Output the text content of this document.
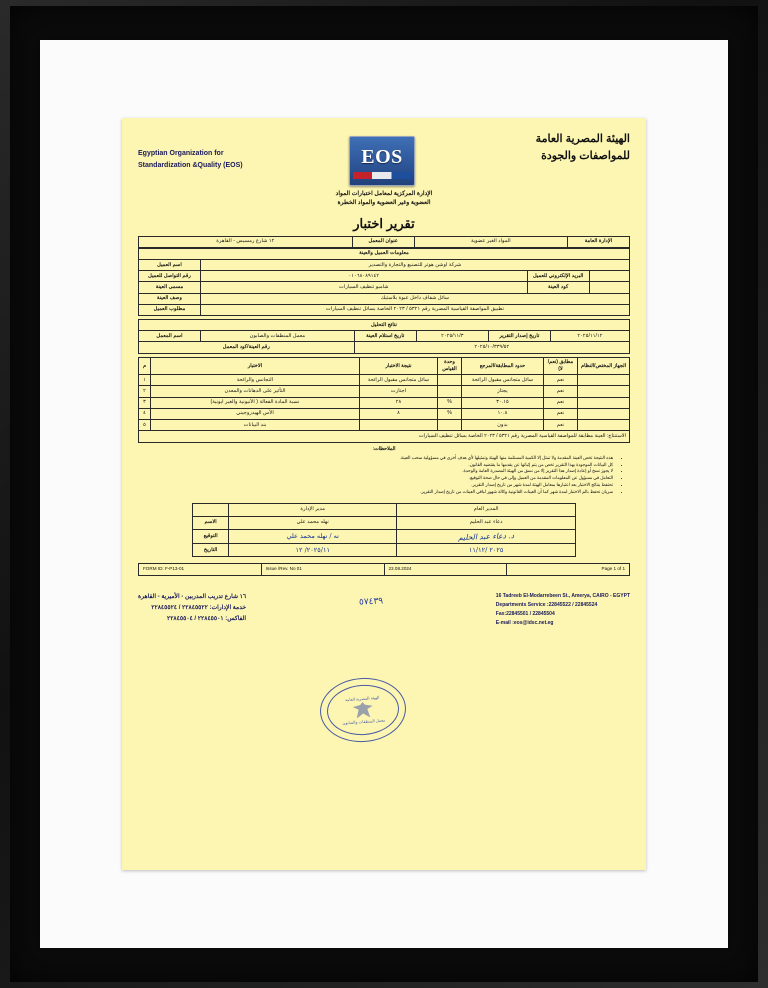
الهيئة المصرية العامة
للمواصفات والجودة
EOS
Egyptian Organization for
Standardization &Quality (EOS)
الإدارة المركزية لمعامل اختبارات المواد
العضوية وغير العضوية والمواد الخطرة
تقرير اختبار
الإدارة العامة	المواد الغير عضوية	عنوان المعمل	١٢ شارع رمسيس - القاهرة
معلومات العميل والعينة			
شركة اوشن هوتر للتصنيع والتجارة والتصدير			اسم العميل
	البريد الإلكتروني للعميل	٠١٠٦٨٠٨٩١٤٢	رقم التواصل للعميل
	كود العينة	شامبو تنظيف السيارات	مسمى العينة
سائل شفاف داخل عبوة بلاستيك			وصف العينة
تطبيق المواصفة القياسية المصرية رقم ٥٣٢١ / ٢٠٢٣ الخاصة بسائل تنظيف السيارات			مطلوب العميل
نتائج التحليل					
٢٠٢٥/١١/١٢	تاريخ إصدار التقرير	٢٠٢٥/١١/٣	تاريخ استلام العينة	معمل المنظفات والصابون	اسم المعمل
٢٠٢٥/١٠/٣٣٩/٥٢				رقم العينة/كود المعمل	
الجهاز المختص/النظام	مطابق (نعم/لا)	حدود المطابقة/المرجع	وحدة القياس	نتيجة الاختبار	الاختبار	م
	نعم	سائل متجانس مقبول الرائحة		سائل متجانس مقبول الرائحة	التجانس والرائحة	١
	نعم	يجتاز		اجتازت	التأثير على الدهانات والمعدن	٢
	نعم	٣٠.١٥	%	٢٨	نسبة المادة الفعالة ( الأنيونية والغير ايونية)	٣
	نعم	١٠.٨	%	٨	الأس الهيدروجيني	٤
	نعم	بدون			بند البيانات	٥
الاستنتاج: العينة مطابقة للمواصفة القياسية المصرية رقم ٥٣٢١ / ٢٠٢٣ الخاصة بسائل تنظيف السيارات						
الملاحظات:
• هذه النتيجة تخص العينة المقدمة ولا تمثل إلا الكمية المستلمة منها الهيئة وتمثيلها لأي هدف أخرى في مسؤولية سحب العينة.
• كل البيانات الموجودة بهذا التقرير تخص من يتم إثباتها عن يقدمها ما يقتضيه القانون.
• لا يجوز نسخ أو إعادة إصدار هذا التقرير إلا من نسق من الهيئة المصدرة العامة والوحدة.
• التعامل في مسؤول عن المعلومات المقدمة من العميل وإلى في حال صحة التوقيع.
• تحتفظ بنتائج الاختبار بعد اعتبارها بمعامل الهيئة لمدة شهر من تاريخ إصدار التقرير.
• سريان تحفظ بالم الاختبار لمدة شهر كما أن العينات القانونية وكالة شهور لباقي العينات من تاريخ إصدار التقرير.
المدير العام	مدير الإدارة	
دعاء عبد الحليم	نهله محمد علي	الاسم
د. دعاء عبد الحليم	نه / نهله محمد علي	التوقيع
٢٠٢٥ /١١/١٢	٢٠٢٥/١١/ ١٢	التاريخ
FORM ID: F-P13-01	Issue /Rev. No 01	23.08.2024	Page 1 of 1
الهيئة المصرية العامة
معمل المنظفات والصابون
16 Tadreeb El-Modarrebeen St., Amerya, CAIRO - EGYPT
Departments Service :22845522 / 22845524
Fax:22845501 / 22845504
E-mail :eos@idsc.net.eg
٥٧٤٣٩
١٦ شارع تدريب المدربين - الأميرية - القاهرة
خدمة الإدارات: ٢٢٨٤٥٥٢٢ / ٢٢٨٤٥٥٢٤
الفاكس: ٢٢٨٤٥٥٠١ / ٢٢٨٤٥٥٠٤
